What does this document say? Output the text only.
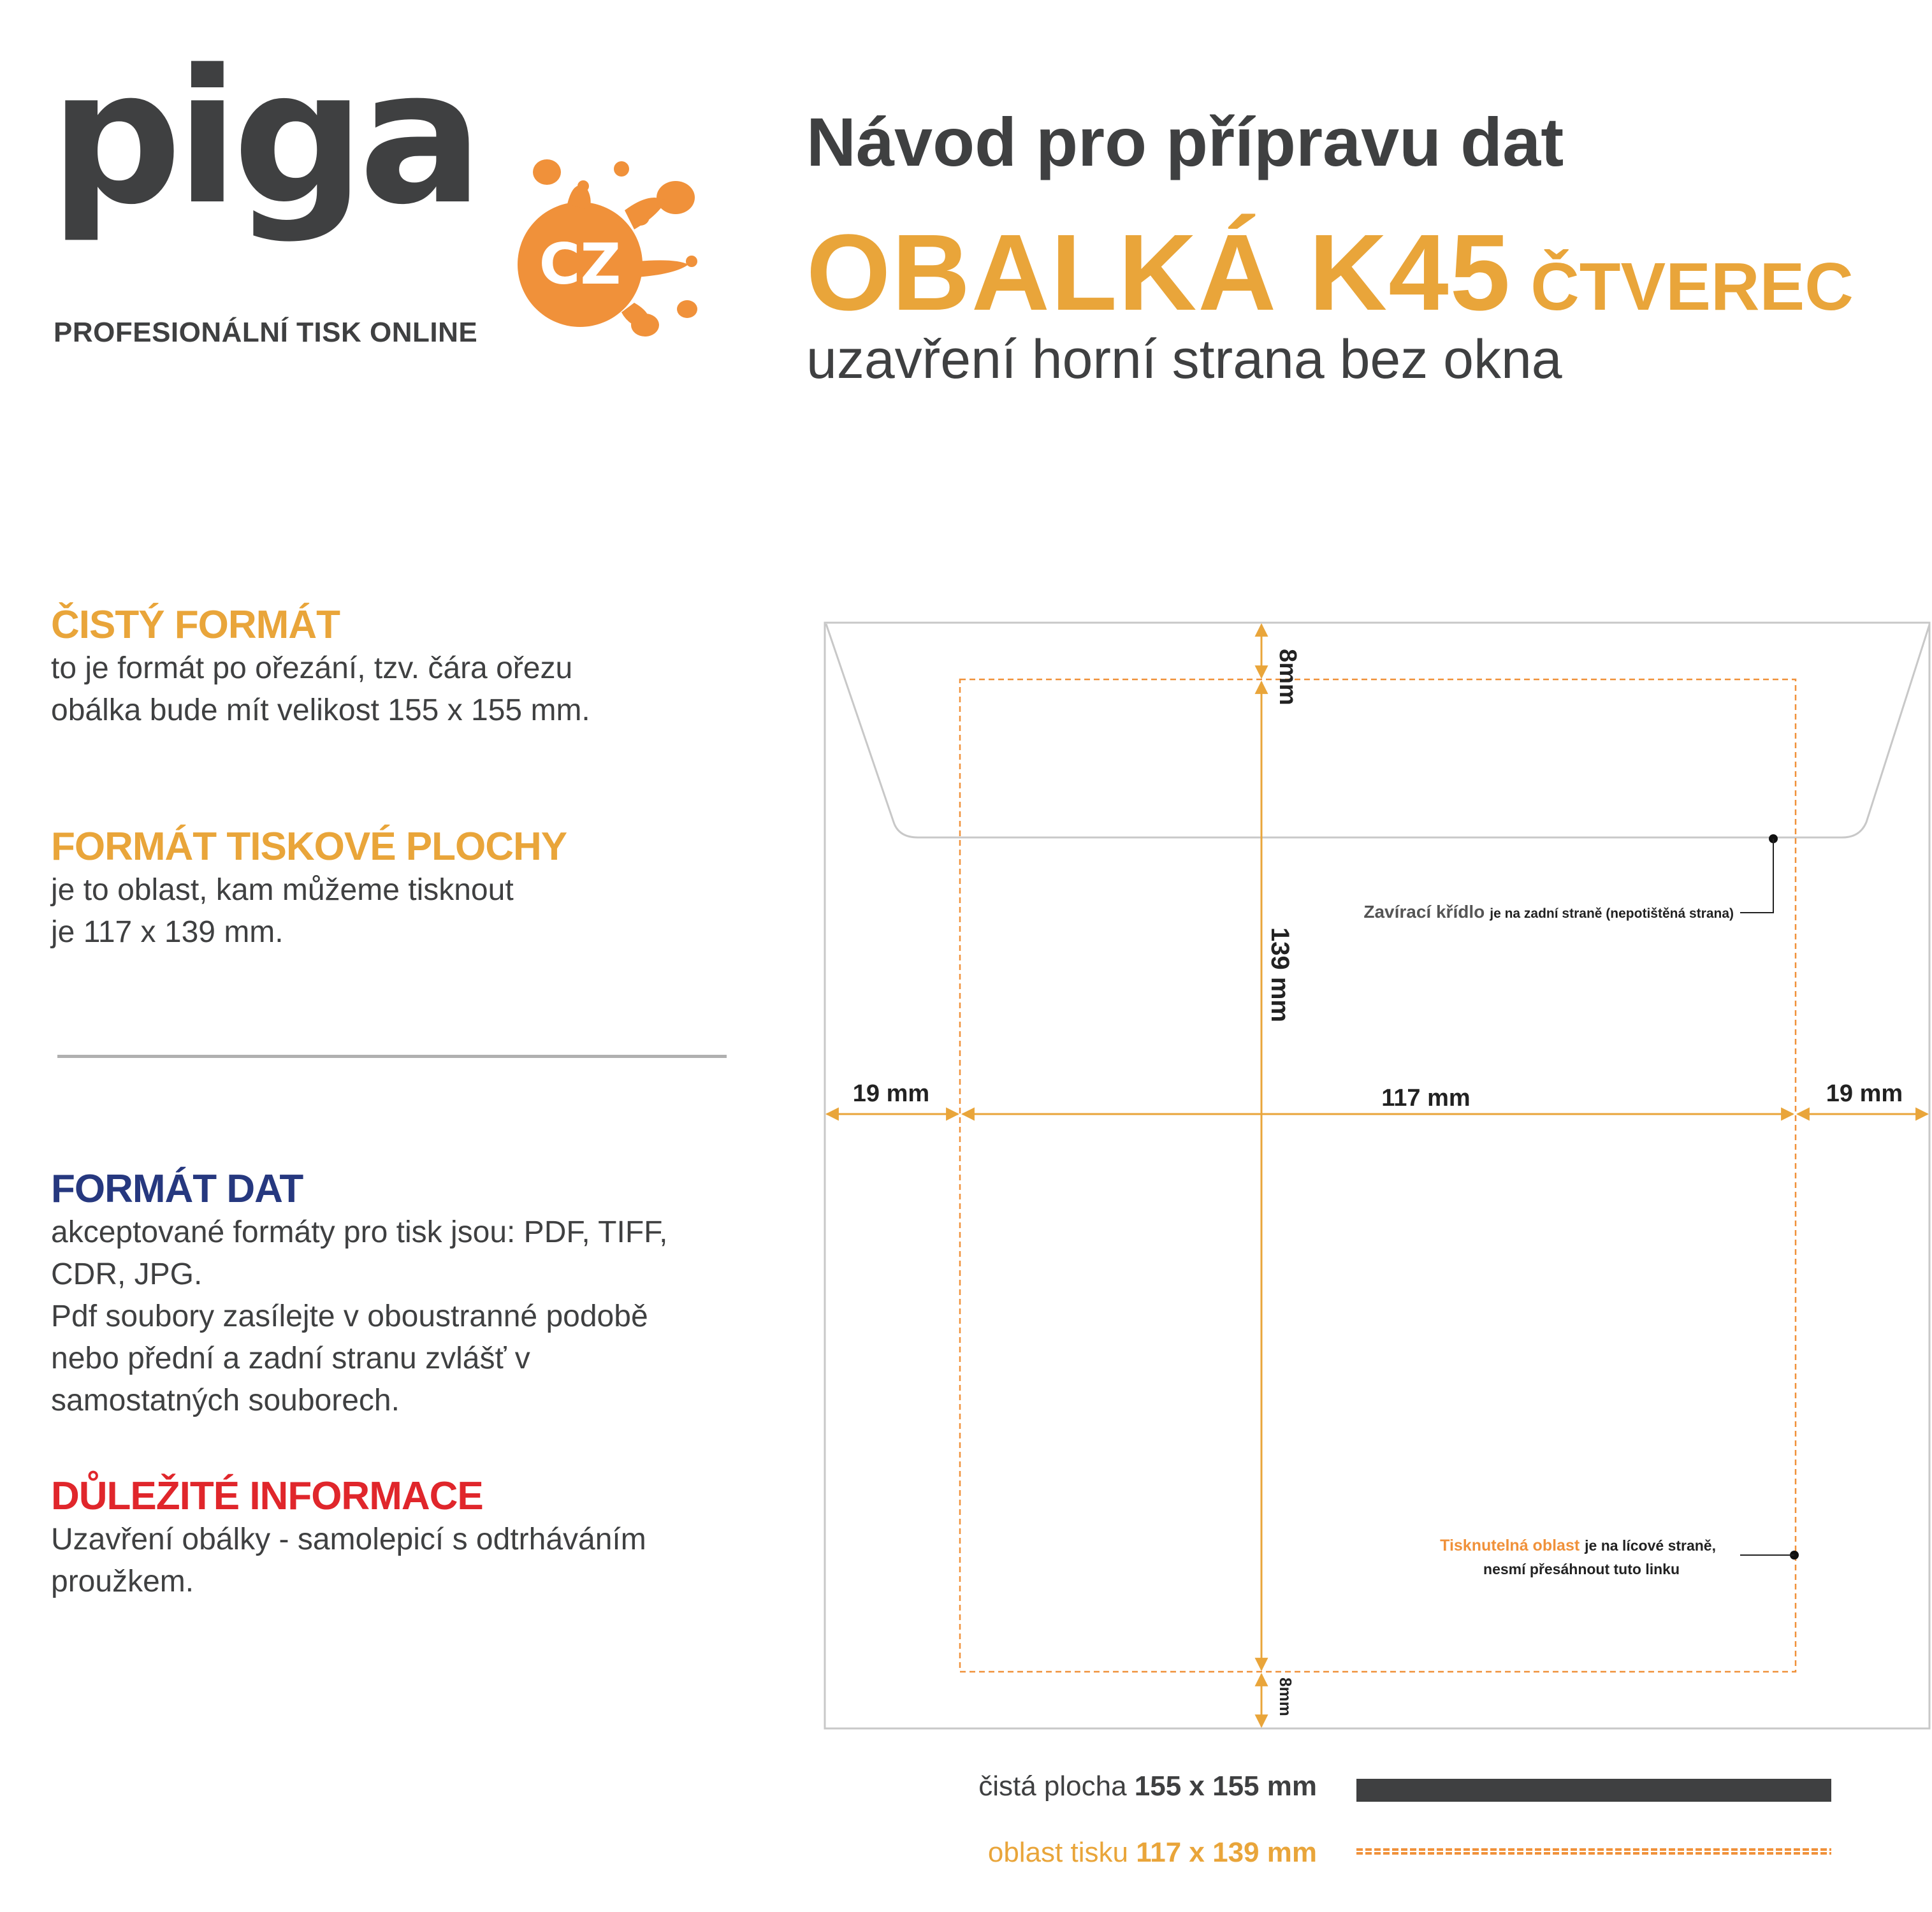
piga
CZ
PROFESIONÁLNÍ TISK ONLINE
Návod pro přípravu dat
OBALKÁ K45 ČTVEREC
uzavření horní strana bez okna
ČISTÝ FORMÁT
to je formát po ořezání, tzv. čára ořezu
obálka bude mít velikost 155 x 155 mm.
FORMÁT TISKOVÉ PLOCHY
je to oblast, kam můžeme tisknout
je 117 x 139 mm.
FORMÁT DAT
akceptované formáty pro tisk jsou: PDF, TIFF,
CDR, JPG.
Pdf soubory zasílejte v oboustranné podobě
nebo přední a zadní stranu zvlášť v
samostatných souborech.
DŮLEŽITÉ INFORMACE
Uzavření obálky - samolepicí s odtrháváním
proužkem.
8mm
139 mm
8mm
19 mm	117 mm	19 mm
Zavírací křídlo je na zadní straně (nepotištěná strana)
Tisknutelná oblast je na lícové straně,
nesmí přesáhnout tuto linku
čistá plocha 155 x 155 mm
oblast tisku 117 x 139 mm
